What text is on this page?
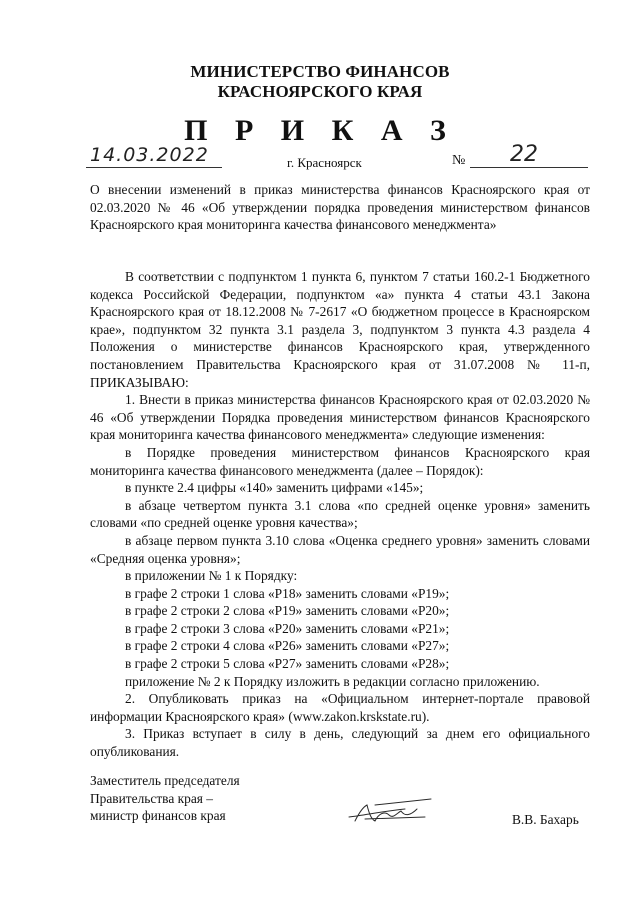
МИНИСТЕРСТВО ФИНАНСОВ
КРАСНОЯРСКОГО КРАЯ
П Р И К А З
14.03.2022	г. Красноярск	№ 22
О внесении изменений в приказ министерства финансов Красноярского края от 02.03.2020 № 46 «Об утверждении порядка проведения министерством финансов Красноярского края мониторинга качества финансового менеджмента»

В соответствии с подпунктом 1 пункта 6, пунктом 7 статьи 160.2-1 Бюджетного кодекса Российской Федерации, подпунктом «а» пункта 4 статьи 43.1 Закона Красноярского края от 18.12.2008 № 7-2617 «О бюджетном процессе в Красноярском крае», подпунктом 32 пункта 3.1 раздела 3, подпунктом 3 пункта 4.3 раздела 4 Положения о министерстве финансов Красноярского края, утвержденного постановлением Правительства Красноярского края от 31.07.2008 № 11-п, ПРИКАЗЫВАЮ:

1. Внести в приказ министерства финансов Красноярского края от 02.03.2020 № 46 «Об утверждении Порядка проведения министерством финансов Красноярского края мониторинга качества финансового менеджмента» следующие изменения:

в Порядке проведения министерством финансов Красноярского края мониторинга качества финансового менеджмента (далее – Порядок):

в пункте 2.4 цифры «140» заменить цифрами «145»;

в абзаце четвертом пункта 3.1 слова «по средней оценке уровня» заменить словами «по средней оценке уровня качества»;

в абзаце первом пункта 3.10 слова «Оценка среднего уровня» заменить словами «Средняя оценка уровня»;

в приложении № 1 к Порядку:

в графе 2 строки 1 слова «P18» заменить словами «P19»;

в графе 2 строки 2 слова «P19» заменить словами «P20»;

в графе 2 строки 3 слова «P20» заменить словами «P21»;

в графе 2 строки 4 слова «P26» заменить словами «P27»;

в графе 2 строки 5 слова «P27» заменить словами «P28»;

приложение № 2 к Порядку изложить в редакции согласно приложению.

2. Опубликовать приказ на «Официальном интернет-портале правовой информации Красноярского края» (www.zakon.krskstate.ru).

3. Приказ вступает в силу в день, следующий за днем его официального опубликования.

Заместитель председателя
Правительства края –
министр финансов края	В.В. Бахарь
